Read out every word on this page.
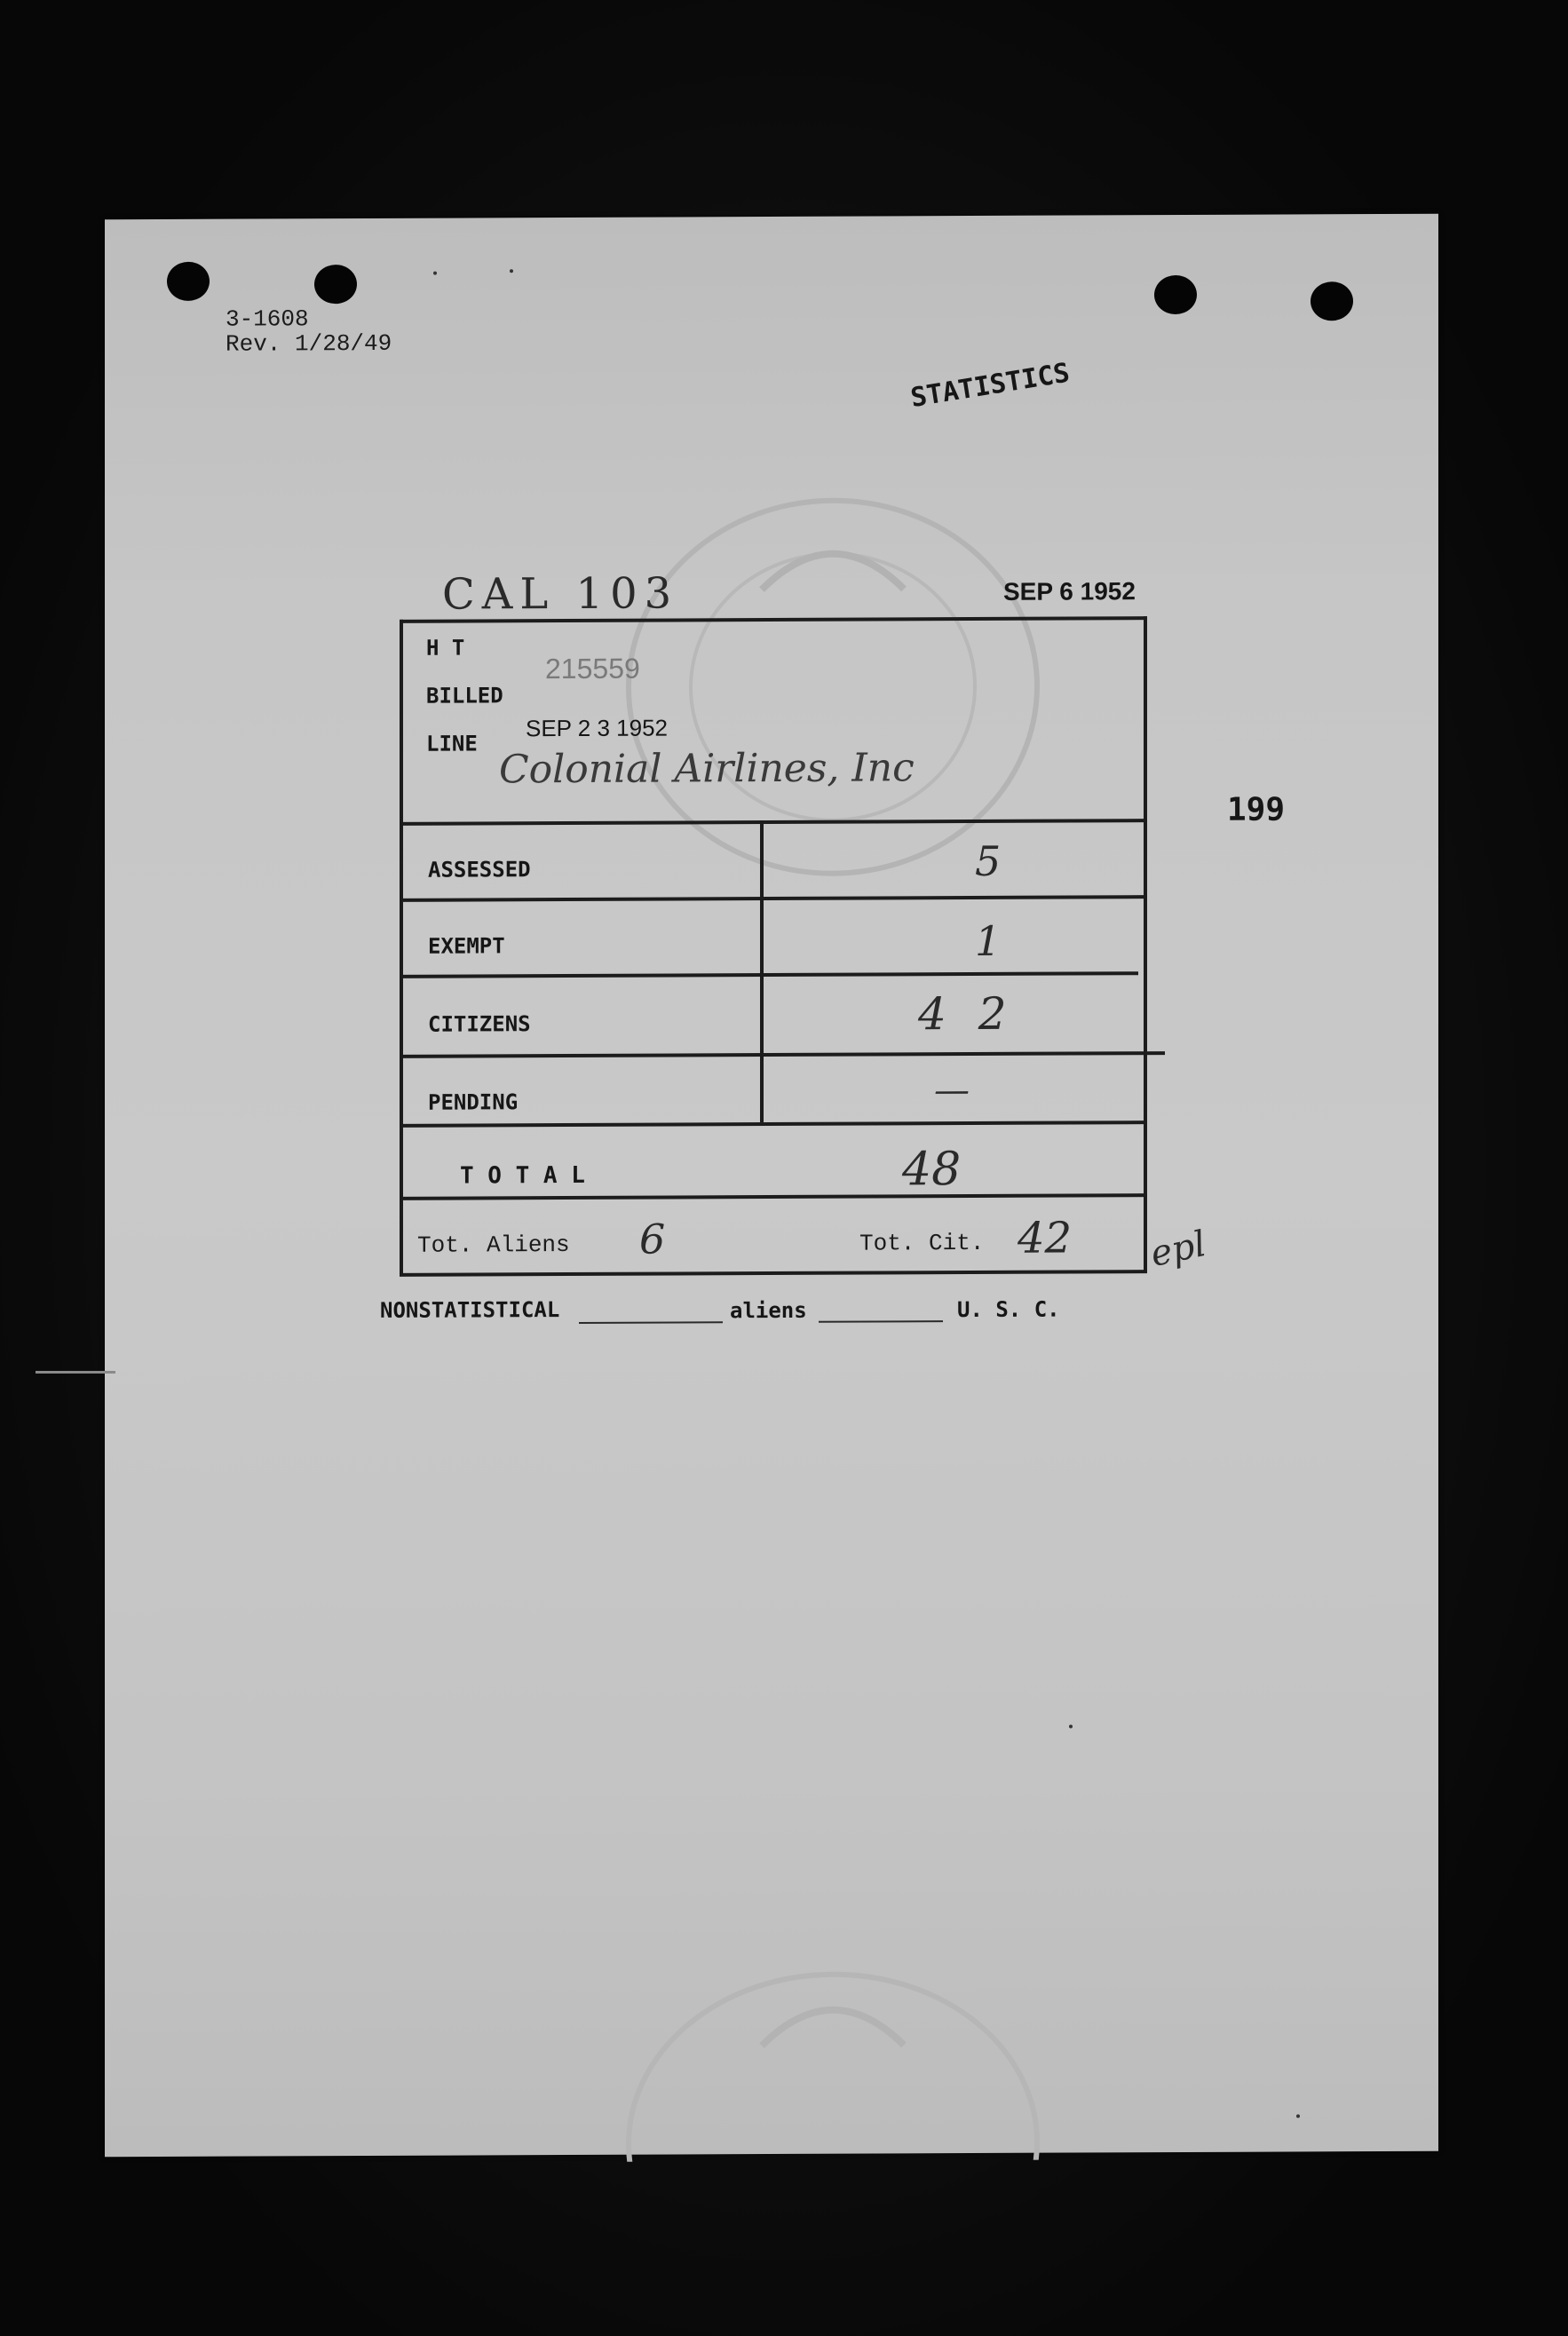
3-1608
Rev. 1/28/49
STATISTICS
CAL 103	SEP 6 1952
199
H T
215559
BILLED
SEP 2 3 1952
LINE
Colonial Airlines, Inc
ASSESSED	5
EXEMPT	1
CITIZENS	4 2
PENDING	—
T O T A L	48
Tot. Aliens 6	Tot. Cit. 42 epl
NONSTATISTICAL	aliens	U. S. C.
